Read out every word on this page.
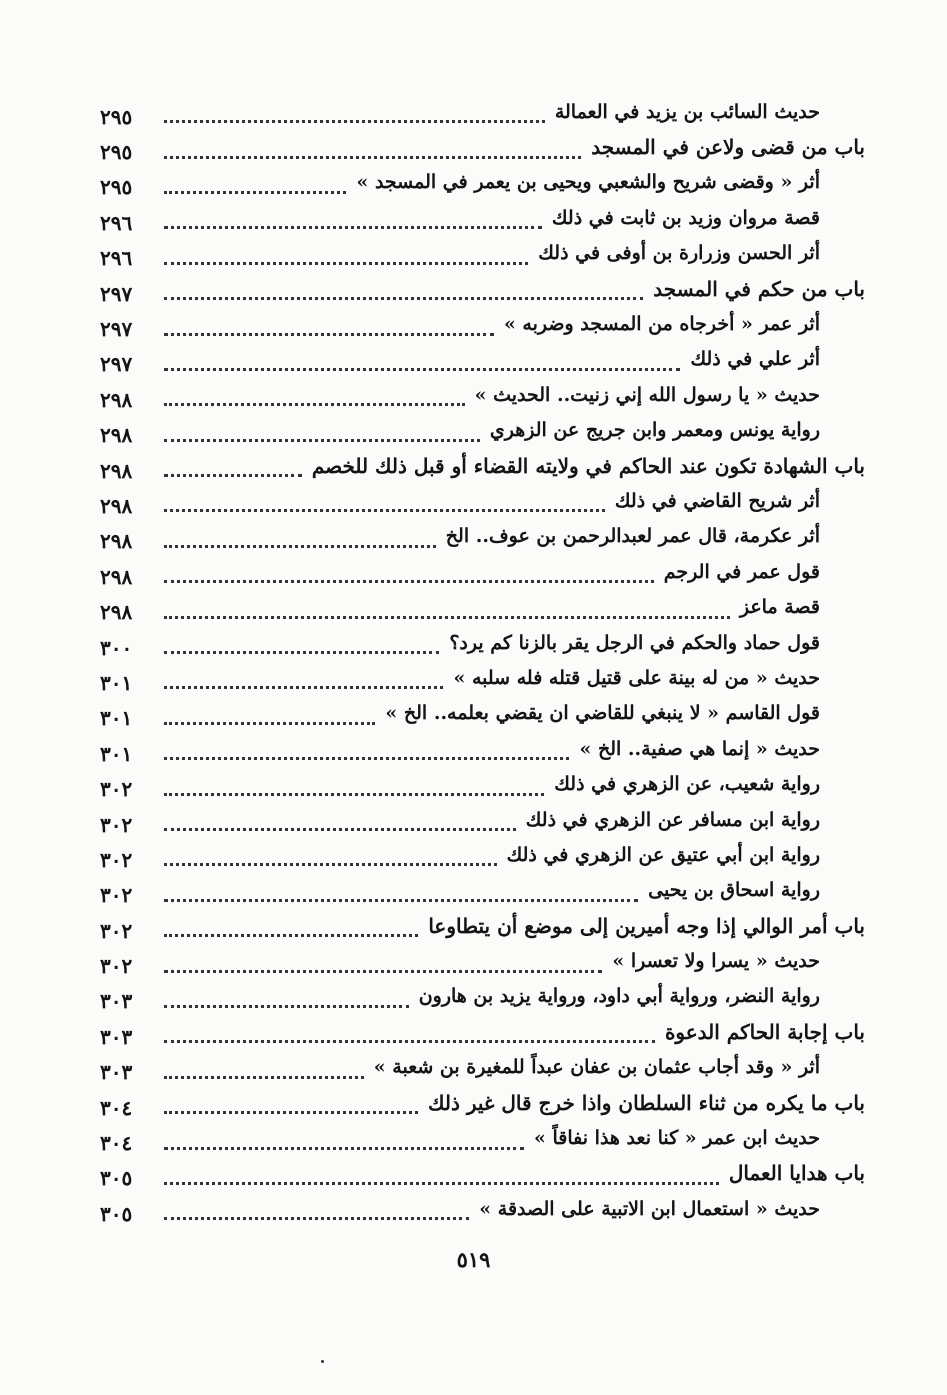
٢٩٥	حديث السائب بن يزيد في العمالة
٢٩٥	باب من قضى ولاعن في المسجد
٢٩٥	أثر « وقضى شريح والشعبي ويحيى بن يعمر في المسجد »
٢٩٦	قصة مروان وزيد بن ثابت في ذلك
٢٩٦	أثر الحسن وزرارة بن أوفى في ذلك
٢٩٧	باب من حكم في المسجد
٢٩٧	أثر عمر « أخرجاه من المسجد وضربه »
٢٩٧	أثر علي في ذلك
٢٩٨	حديث « يا رسول الله إني زنيت.. الحديث »
٢٩٨	رواية يونس ومعمر وابن جريج عن الزهري
٢٩٨	باب الشهادة تكون عند الحاكم في ولايته القضاء أو قبل ذلك للخصم
٢٩٨	أثر شريح القاضي في ذلك
٢٩٨	أثر عكرمة، قال عمر لعبدالرحمن بن عوف.. الخ
٢٩٨	قول عمر في الرجم
٢٩٨	قصة ماعز
٣٠٠	قول حماد والحكم في الرجل يقر بالزنا كم يرد؟
٣٠١	حديث « من له بينة على قتيل قتله فله سلبه »
٣٠١	قول القاسم « لا ينبغي للقاضي ان يقضي بعلمه.. الخ »
٣٠١	حديث « إنما هي صفية.. الخ »
٣٠٢	رواية شعيب، عن الزهري في ذلك
٣٠٢	رواية ابن مسافر عن الزهري في ذلك
٣٠٢	رواية ابن أبي عتيق عن الزهري في ذلك
٣٠٢	رواية اسحاق بن يحيى
٣٠٢	باب أمر الوالي إذا وجه أميرين إلى موضع أن يتطاوعا
٣٠٢	حديث « يسرا ولا تعسرا »
٣٠٣	رواية النضر، ورواية أبي داود، ورواية يزيد بن هارون
٣٠٣	باب إجابة الحاكم الدعوة
٣٠٣	أثر « وقد أجاب عثمان بن عفان عبداً للمغيرة بن شعبة »
٣٠٤	باب ما يكره من ثناء السلطان واذا خرج قال غير ذلك
٣٠٤	حديث ابن عمر « كنا نعد هذا نفاقاً »
٣٠٥	باب هدايا العمال
٣٠٥	حديث « استعمال ابن الاتبية على الصدقة »
٥١٩
